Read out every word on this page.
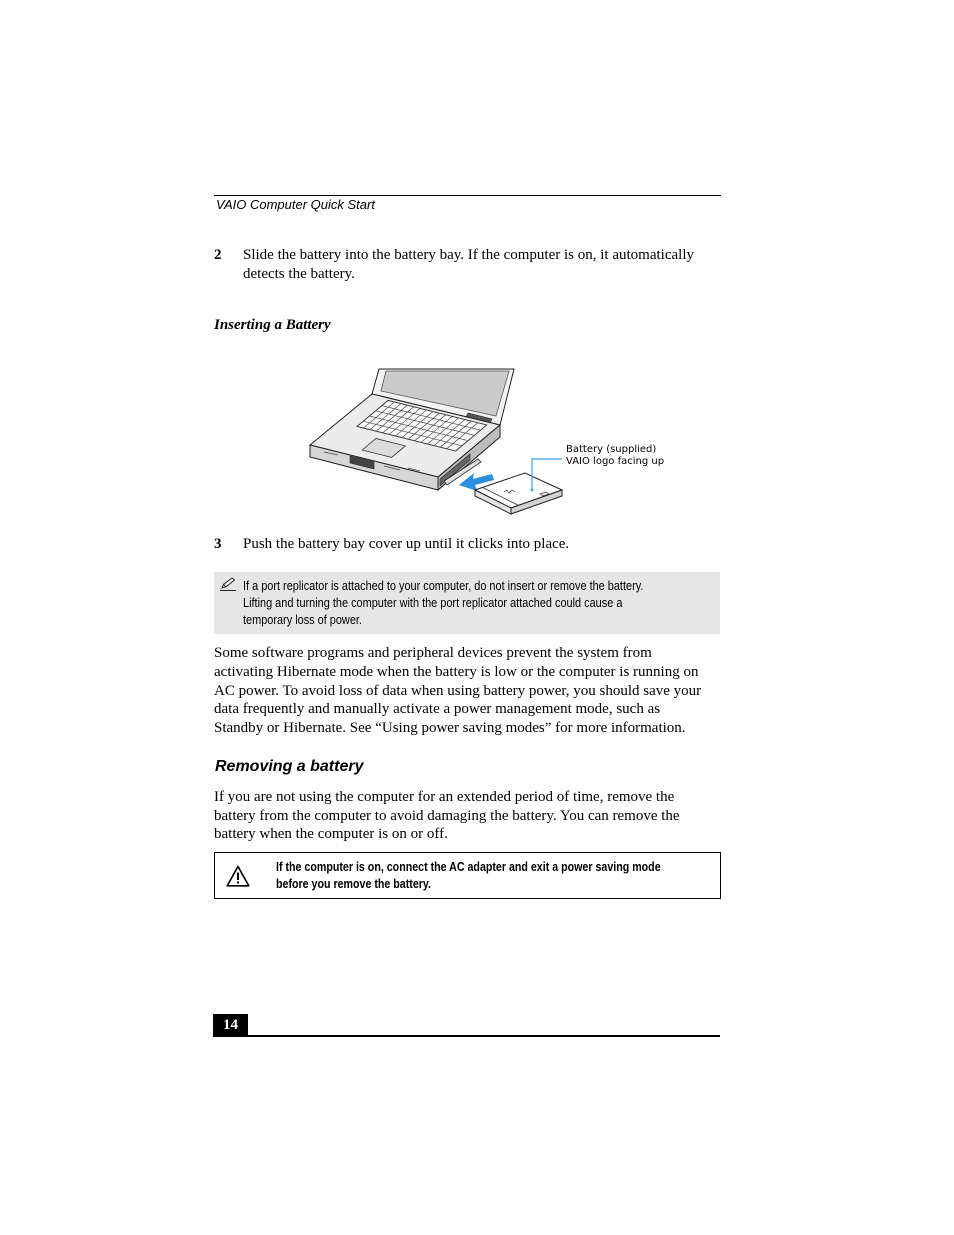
VAIO Computer Quick Start
2 Slide the battery into the battery bay. If the computer is on, it automatically
detects the battery.
Inserting a Battery
Battery (supplied)
VAIO logo facing up
3 Push the battery bay cover up until it clicks into place.
If a port replicator is attached to your computer, do not insert or remove the battery.
Lifting and turning the computer with the port replicator attached could cause a
temporary loss of power.
Some software programs and peripheral devices prevent the system from
activating Hibernate mode when the battery is low or the computer is running on
AC power. To avoid loss of data when using battery power, you should save your
data frequently and manually activate a power management mode, such as
Standby or Hibernate. See “Using power saving modes” for more information.
Removing a battery
If you are not using the computer for an extended period of time, remove the
battery from the computer to avoid damaging the battery. You can remove the
battery when the computer is on or off.
If the computer is on, connect the AC adapter and exit a power saving mode
before you remove the battery.
14
